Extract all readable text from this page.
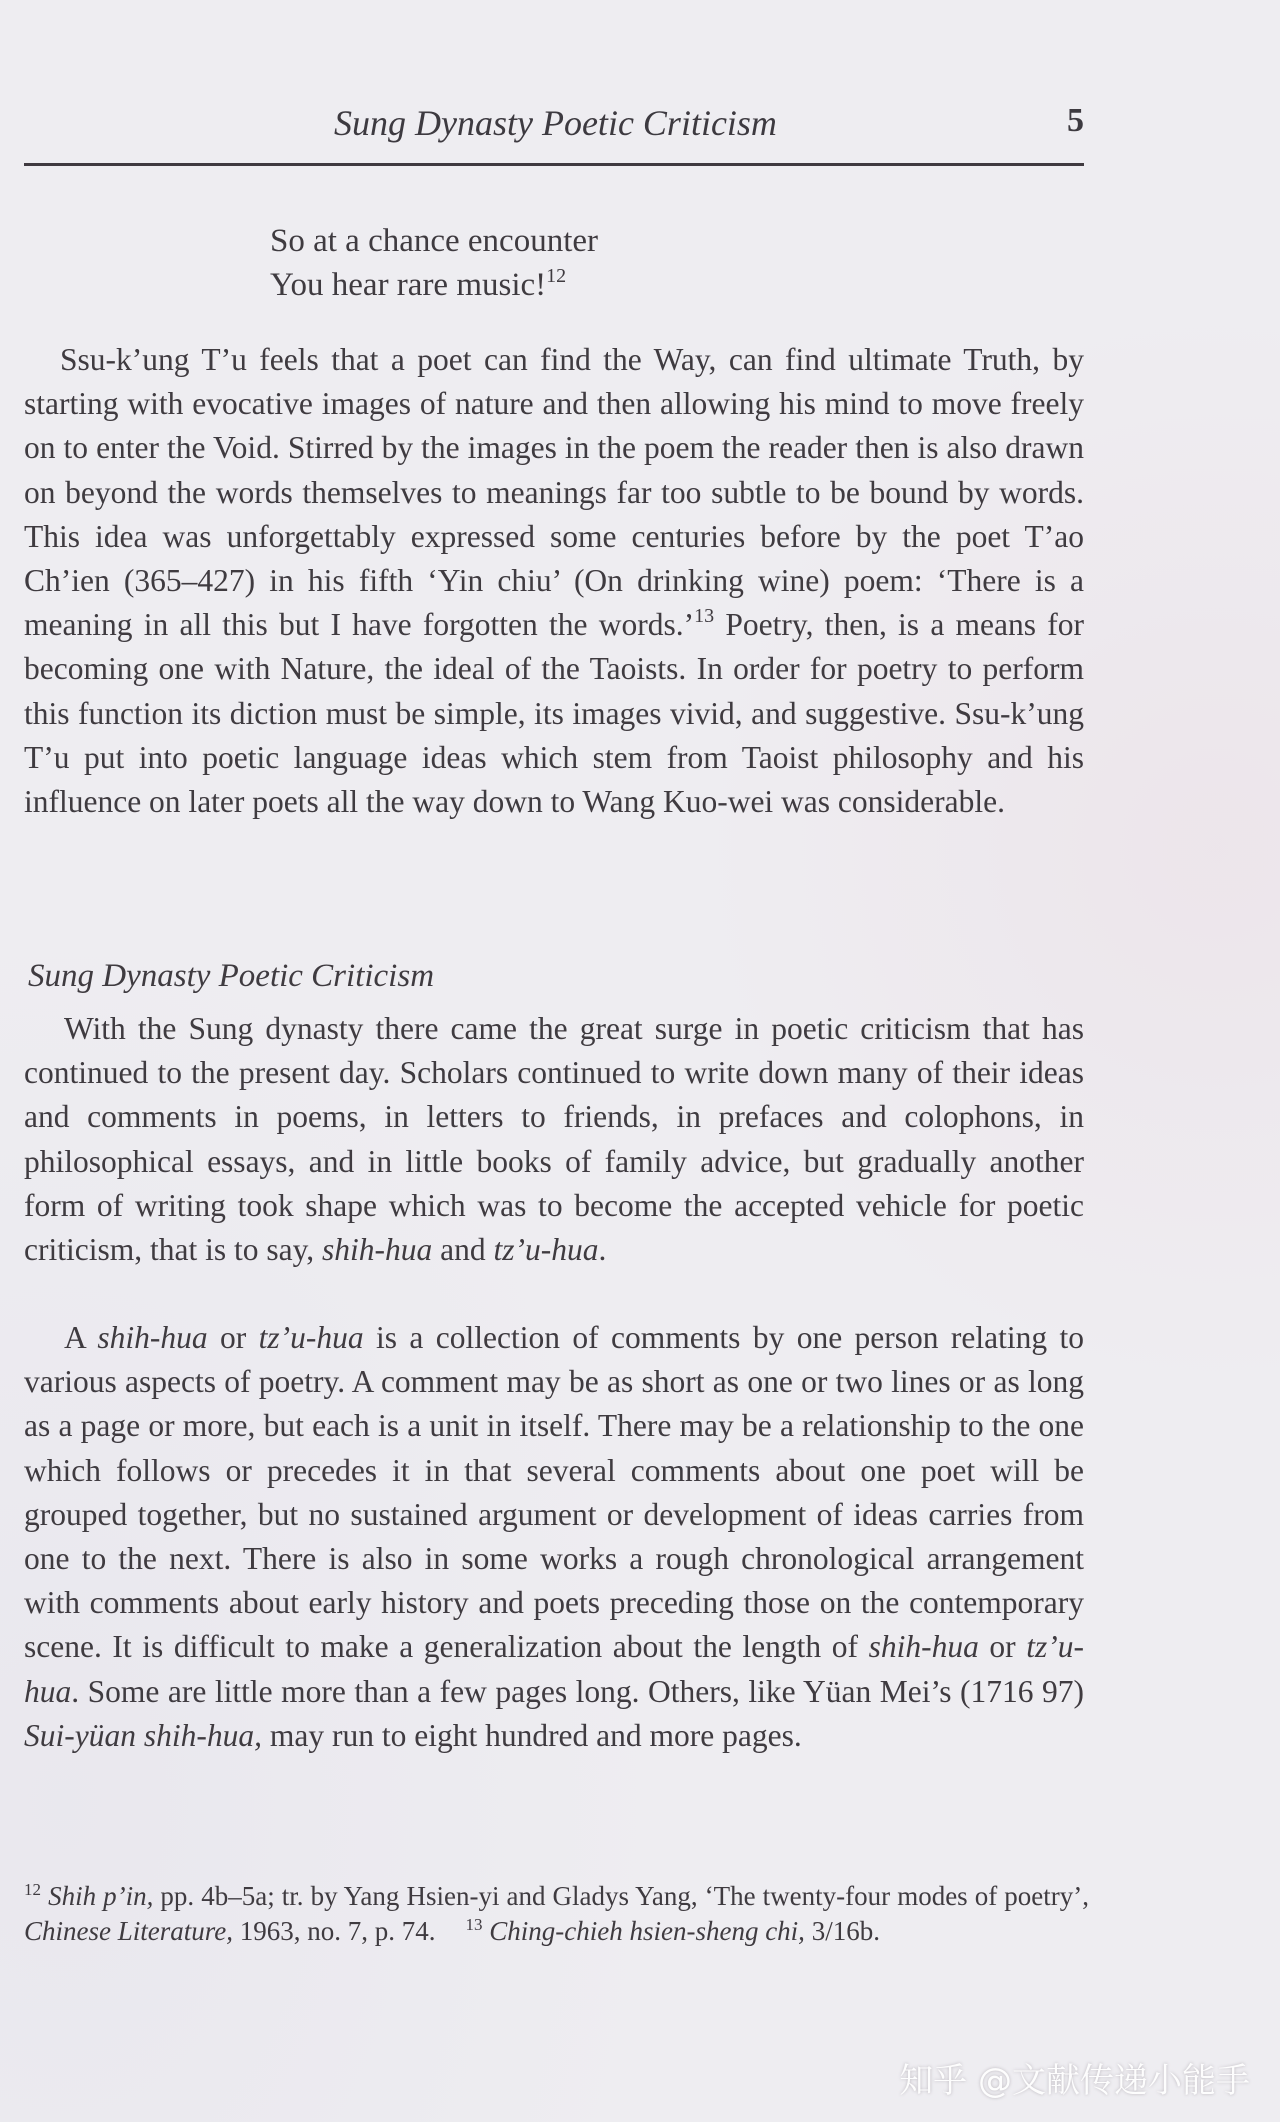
Sung Dynasty Poetic Criticism	5
So at a chance encounter
You hear rare music!$^{12}$

Ssu-k’ung T’u feels that a poet can find the Way, can find ultimate Truth, by starting with evocative images of nature and then allowing his mind to move freely on to enter the Void. Stirred by the images in the poem the reader then is also drawn on beyond the words themselves to meanings far too subtle to be bound by words. This idea was unforgettably expressed some centuries before by the poet T’ao Ch’ien (365–427) in his fifth ‘Yin chiu’ (On drinking wine) poem: ‘There is a meaning in all this but I have forgotten the words.’$^{13}$ Poetry, then, is a means for becoming one with Nature, the ideal of the Taoists. In order for poetry to perform this function its diction must be simple, its images vivid, and suggestive. Ssu-k’ung T’u put into poetic language ideas which stem from Taoist philosophy and his influence on later poets all the way down to Wang Kuo-wei was considerable.

Sung Dynasty Poetic Criticism

With the Sung dynasty there came the great surge in poetic criticism that has continued to the present day. Scholars continued to write down many of their ideas and comments in poems, in letters to friends, in prefaces and colophons, in philosophical essays, and in little books of family advice, but gradually another form of writing took shape which was to become the accepted vehicle for poetic criticism, that is to say, shih-hua and tz’u-hua.

A shih-hua or tz’u-hua is a collection of comments by one person relating to various aspects of poetry. A comment may be as short as one or two lines or as long as a page or more, but each is a unit in itself. There may be a relationship to the one which follows or precedes it in that several comments about one poet will be grouped together, but no sustained argument or development of ideas carries from one to the next. There is also in some works a rough chronological arrangement with comments about early history and poets preceding those on the contemporary scene. It is difficult to make a generalization about the length of shih-hua or tz’u-hua. Some are little more than a few pages long. Others, like Yüan Mei’s (1716 97) Sui-yüan shih-hua, may run to eight hundred and more pages.

$^{12}$ Shih p’in, pp. 4b–5a; tr. by Yang Hsien-yi and Gladys Yang, ‘The twenty-four modes of poetry’, Chinese Literature, 1963, no. 7, p. 74. $^{13}$ Ching-chieh hsien-sheng chi, 3/16b.

知乎 @文献传递小能手
